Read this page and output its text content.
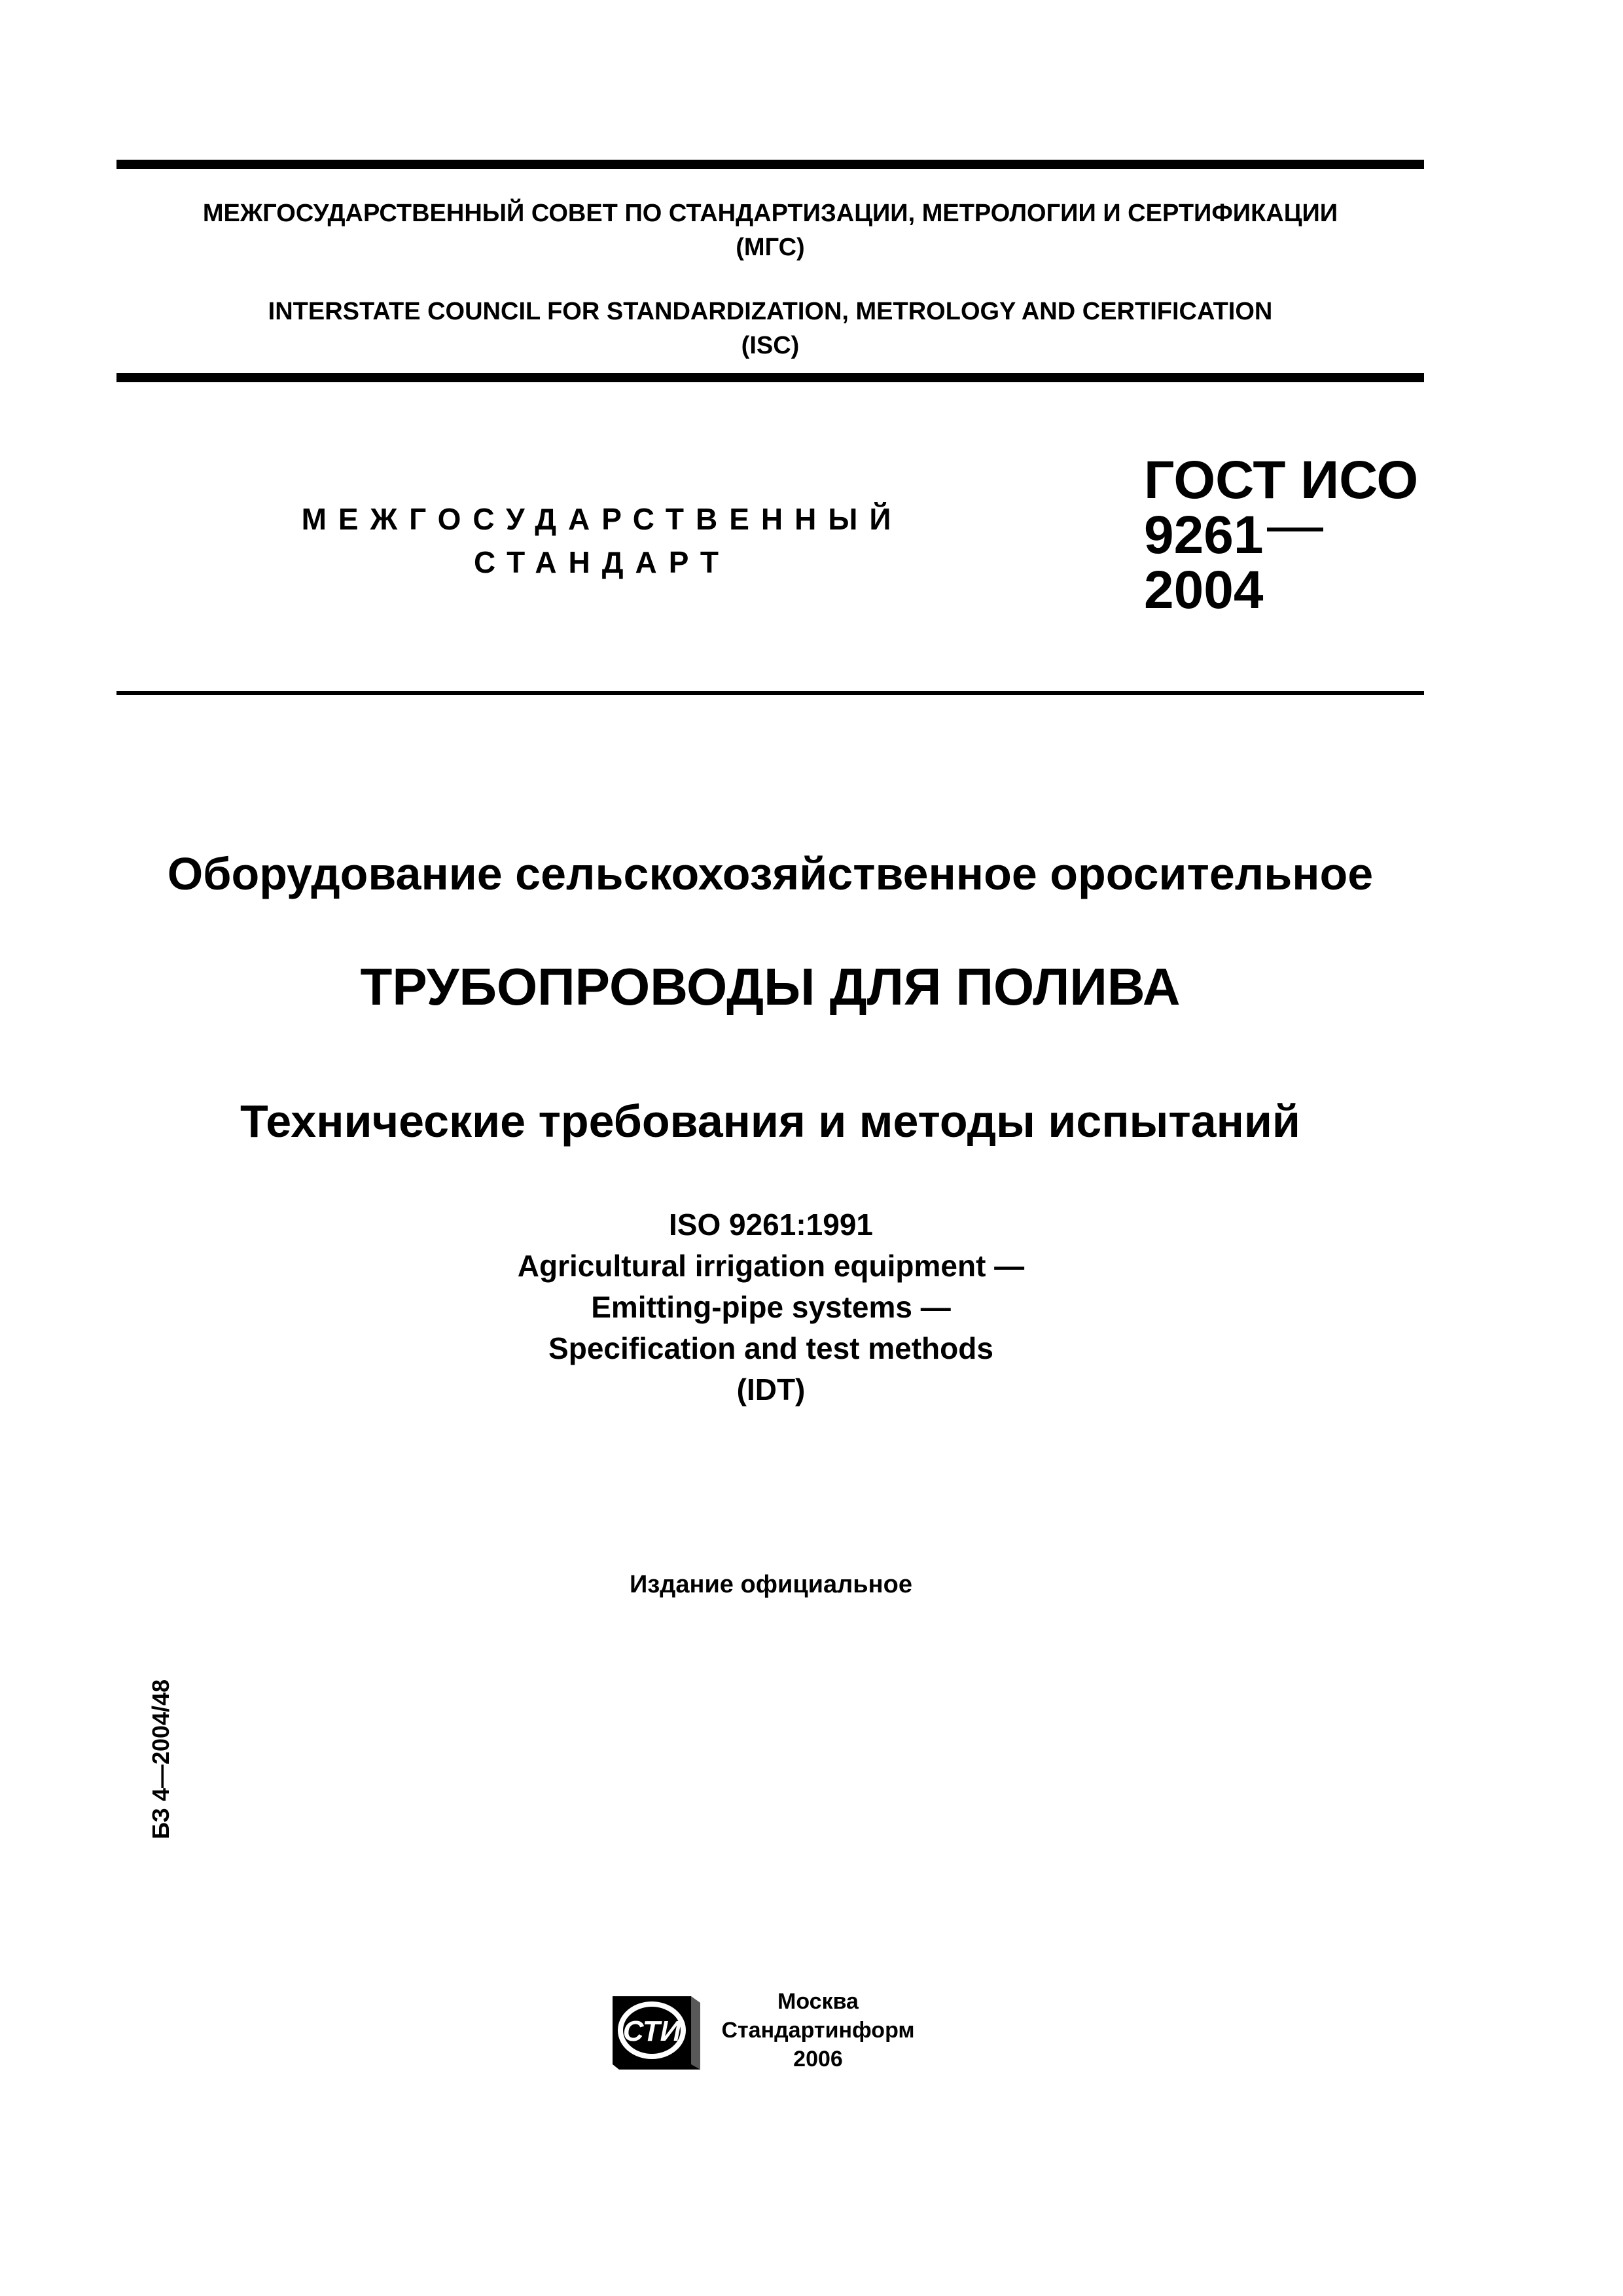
МЕЖГОСУДАРСТВЕННЫЙ СОВЕТ ПО СТАНДАРТИЗАЦИИ, МЕТРОЛОГИИ И СЕРТИФИКАЦИИ
(МГС)
INTERSTATE COUNCIL FOR STANDARDIZATION, METROLOGY AND CERTIFICATION
(ISC)
МЕЖГОСУДАРСТВЕННЫЙ
СТАНДАРТ
ГОСТ ИСО
9261
2004
Оборудование сельскохозяйственное оросительное
ТРУБОПРОВОДЫ ДЛЯ ПОЛИВА
Технические требования и методы испытаний
ISO 9261:1991
Agricultural irrigation equipment —
Emitting-pipe systems —
Specification and test methods
(IDT)
Издание официальное
БЗ 4—2004/48
СТИ
Москва
Стандартинформ
2006
